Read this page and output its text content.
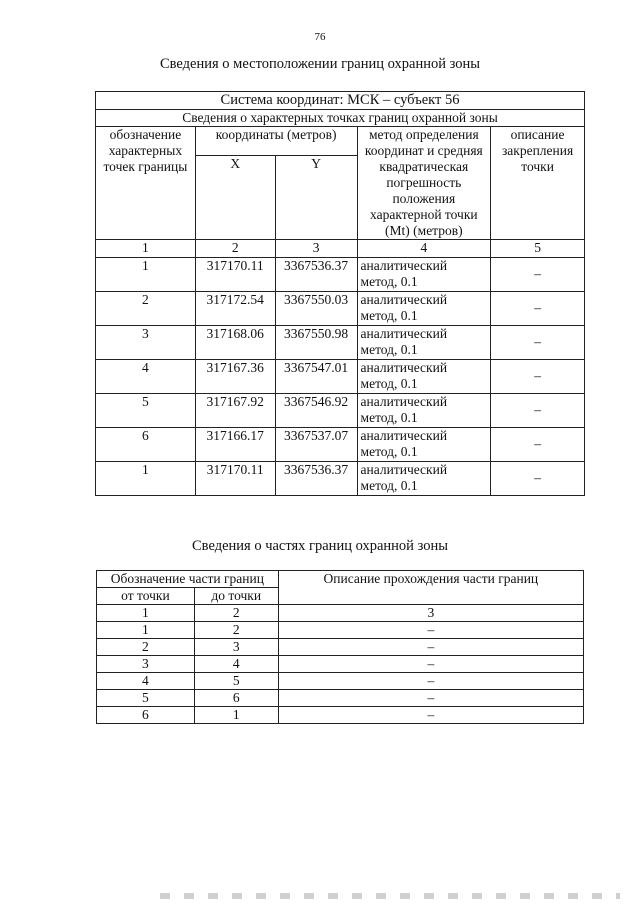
76
Сведения о местоположении границ охранной зоны
Система координат: МСК – субъект 56				
Сведения о характерных точках границ охранной зоны				
обозначение характерных точек границы	координаты (метров)		метод определения координат и средняя квадратическая погрешность положения характерной точки (Mt) (метров)	описание закрепления точки
	X	Y		
1	2	3	4	5
1	317170.11	3367536.37	аналитический метод, 0.1	–
2	317172.54	3367550.03	аналитический метод, 0.1	–
3	317168.06	3367550.98	аналитический метод, 0.1	–
4	317167.36	3367547.01	аналитический метод, 0.1	–
5	317167.92	3367546.92	аналитический метод, 0.1	–
6	317166.17	3367537.07	аналитический метод, 0.1	–
1	317170.11	3367536.37	аналитический метод, 0.1	–
Сведения о частях границ охранной зоны
Обозначение части границ		Описание прохождения части границ
от точки	до точки	
1	2	3
1	2	–
2	3	–
3	4	–
4	5	–
5	6	–
6	1	–
